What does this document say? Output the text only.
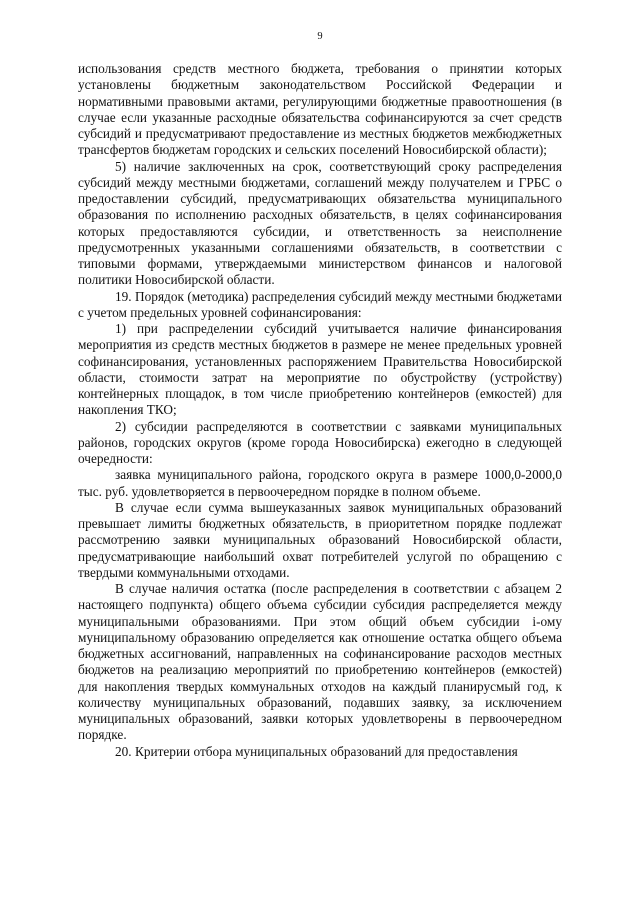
9

использования средств местного бюджета, требования о принятии которых установлены бюджетным законодательством Российской Федерации и нормативными правовыми актами, регулирующими бюджетные правоотношения (в случае если указанные расходные обязательства софинансируются за счет средств субсидий и предусматривают предоставление из местных бюджетов межбюджетных трансфертов бюджетам городских и сельских поселений Новосибирской области);

5) наличие заключенных на срок, соответствующий сроку распределения субсидий между местными бюджетами, соглашений между получателем и ГРБС о предоставлении субсидий, предусматривающих обязательства муниципального образования по исполнению расходных обязательств, в целях софинансирования которых предоставляются субсидии, и ответственность за неисполнение предусмотренных указанными соглашениями обязательств, в соответствии с типовыми формами, утверждаемыми министерством финансов и налоговой политики Новосибирской области.

19. Порядок (методика) распределения субсидий между местными бюджетами с учетом предельных уровней софинансирования:

1) при распределении субсидий учитывается наличие финансирования мероприятия из средств местных бюджетов в размере не менее предельных уровней софинансирования, установленных распоряжением Правительства Новосибирской области, стоимости затрат на мероприятие по обустройству (устройству) контейнерных площадок, в том числе приобретению контейнеров (емкостей) для накопления ТКО;

2) субсидии распределяются в соответствии с заявками муниципальных районов, городских округов (кроме города Новосибирска) ежегодно в следующей очередности:

заявка муниципального района, городского округа в размере 1000,0-2000,0 тыс. руб. удовлетворяется в первоочередном порядке в полном объеме.

В случае если сумма вышеуказанных заявок муниципальных образований превышает лимиты бюджетных обязательств, в приоритетном порядке подлежат рассмотрению заявки муниципальных образований Новосибирской области, предусматривающие наибольший охват потребителей услугой по обращению с твердыми коммунальными отходами.

В случае наличия остатка (после распределения в соответствии с абзацем 2 настоящего подпункта) общего объема субсидии субсидия распределяется между муниципальными образованиями. При этом общий объем субсидии i-ому муниципальному образованию определяется как отношение остатка общего объема бюджетных ассигнований, направленных на софинансирование расходов местных бюджетов на реализацию мероприятий по приобретению контейнеров (емкостей) для накопления твердых коммунальных отходов на каждый планирусмый год, к количеству муниципальных образований, подавших заявку, за исключением муниципальных образований, заявки которых удовлетворены в первоочередном порядке.

20. Критерии отбора муниципальных образований для предоставления
